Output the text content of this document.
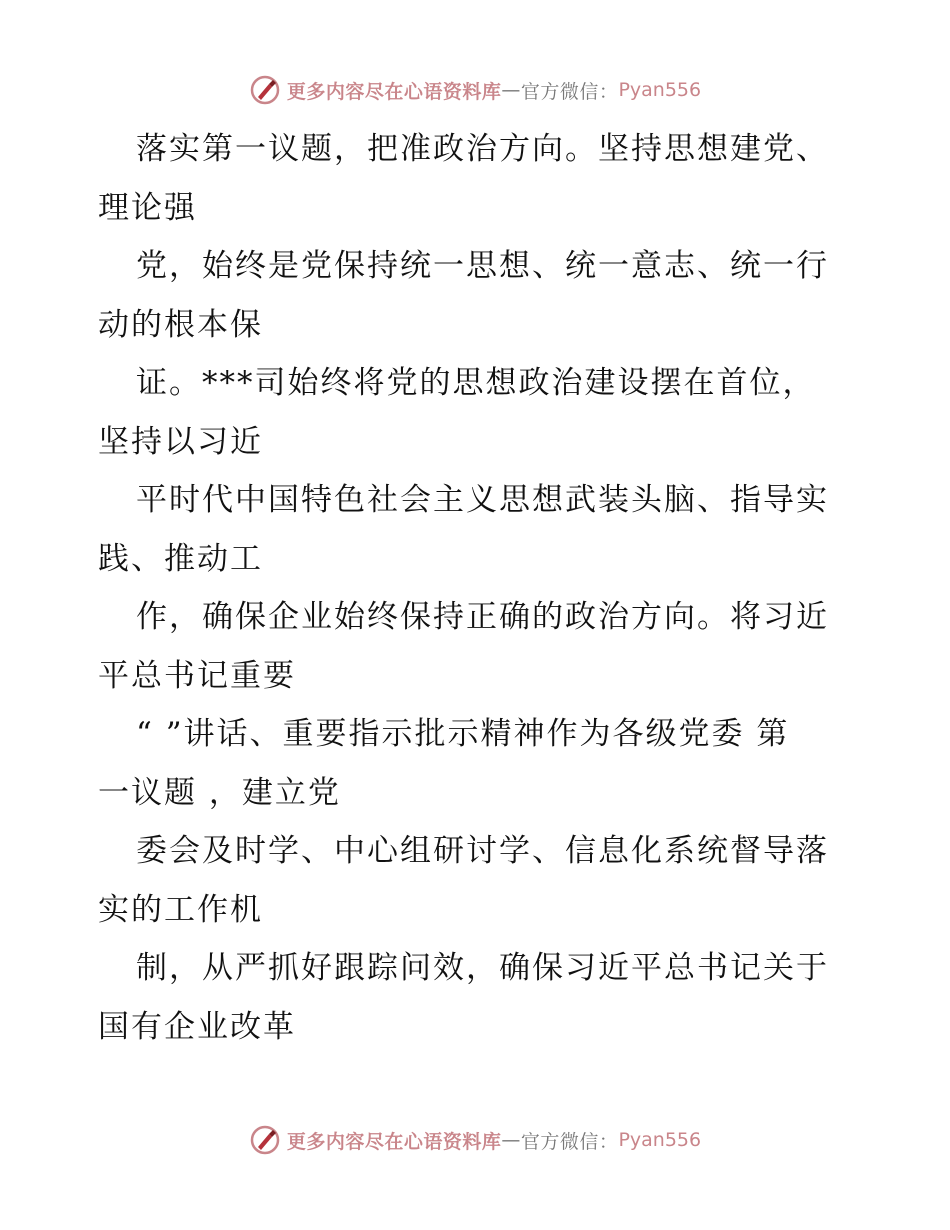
更多内容尽在心语资料库 — 官方微信： Pyan556
落实第一议题，把准政治方向。坚持思想建党、
理论强
党，始终是党保持统一思想、统一意志、统一行
动的根本保
证。***司始终将党的思想政治建设摆在首位，
坚持以习近
平时代中国特色社会主义思想武装头脑、指导实
践、推动工
作，确保企业始终保持正确的政治方向。将习近
平总书记重要
“ ”讲话、重要指示批示精神作为各级党委 第
一议题 ，建立党
委会及时学、中心组研讨学、信息化系统督导落
实的工作机
制，从严抓好跟踪问效，确保习近平总书记关于
国有企业改革
更多内容尽在心语资料库 — 官方微信： Pyan556
